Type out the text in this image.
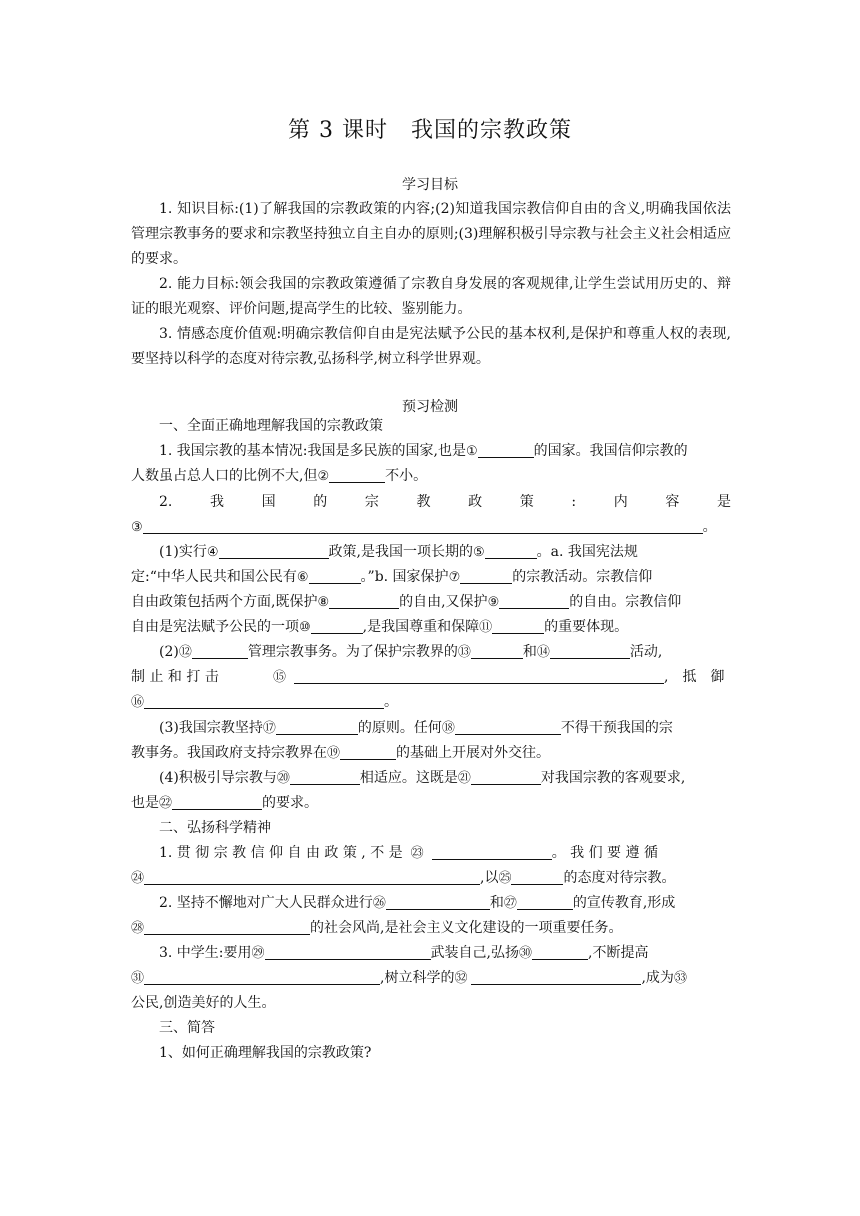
第 3 课时　我国的宗教政策
学习目标

1. 知识目标:(1)了解我国的宗教政策的内容;(2)知道我国宗教信仰自由的含义,明确我国依法管理宗教事务的要求和宗教坚持独立自主自办的原则;(3)理解积极引导宗教与社会主义社会相适应的要求。

2. 能力目标:领会我国的宗教政策遵循了宗教自身发展的客观规律,让学生尝试用历史的、辩证的眼光观察、评价问题,提高学生的比较、鉴别能力。

3. 情感态度价值观:明确宗教信仰自由是宪法赋予公民的基本权利,是保护和尊重人权的表现,要坚持以科学的态度对待宗教,弘扬科学,树立科学世界观。

预习检测
一、全面正确地理解我国的宗教政策
1. 我国宗教的基本情况:我国是多民族的国家,也是①	的国家。我国信仰宗教的
人数虽占总人口的比例不大,但②	不小。
2.	我	国	的	宗	教	政	策	:	内	容	是
③	。
(1)实行④	政策,是我国一项长期的⑤	。a. 我国宪法规
定:“中华人民共和国公民有⑥	。”b. 国家保护⑦	的宗教活动。宗教信仰
自由政策包括两个方面,既保护⑧	的自由,又保护⑨	的自由。宗教信仰
自由是宪法赋予公民的一项⑩	,是我国尊重和保障⑪	的重要体现。
(2)⑫	管理宗教事务。为了保护宗教界的⑬	和⑭	活动,
制 止 和 打 击	⑮	,　抵　御
⑯	。
(3)我国宗教坚持⑰	的原则。任何⑱	不得干预我国的宗
教事务。我国政府支持宗教界在⑲	的基础上开展对外交往。
(4)积极引导宗教与⑳	相适应。这既是㉑	对我国宗教的客观要求,
也是㉒	的要求。
二、弘扬科学精神
1. 贯 彻 宗 教 信 仰 自 由 政 策 , 不 是 ㉓	。 我 们 要 遵 循
㉔	,以㉕	的态度对待宗教。
2. 坚持不懈地对广大人民群众进行㉖	和㉗	的宣传教育,形成
㉘	的社会风尚,是社会主义文化建设的一项重要任务。
3. 中学生:要用㉙	武装自己,弘扬㉚	,不断提高
㉛	,树立科学的㉜	,成为㉝
公民,创造美好的人生。
三、简答
1、如何正确理解我国的宗教政策?
